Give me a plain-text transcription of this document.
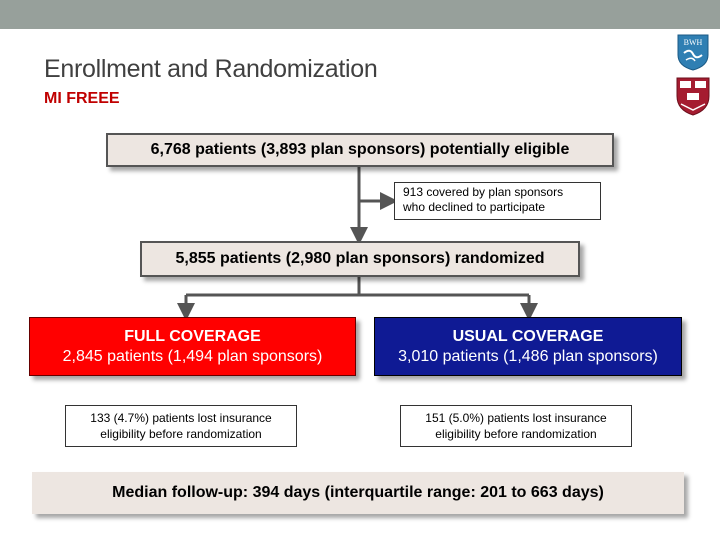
Enrollment and Randomization
MI FREEE
BWH
6,768 patients (3,893 plan sponsors) potentially eligible
913 covered by plan sponsors
who declined to participate
5,855 patients (2,980 plan sponsors) randomized
FULL COVERAGE
2,845 patients (1,494 plan sponsors)
USUAL COVERAGE
3,010 patients (1,486 plan sponsors)
133 (4.7%) patients lost insurance
eligibility before randomization
151 (5.0%) patients lost insurance
eligibility before randomization
Median follow-up: 394 days (interquartile range: 201 to 663 days)
